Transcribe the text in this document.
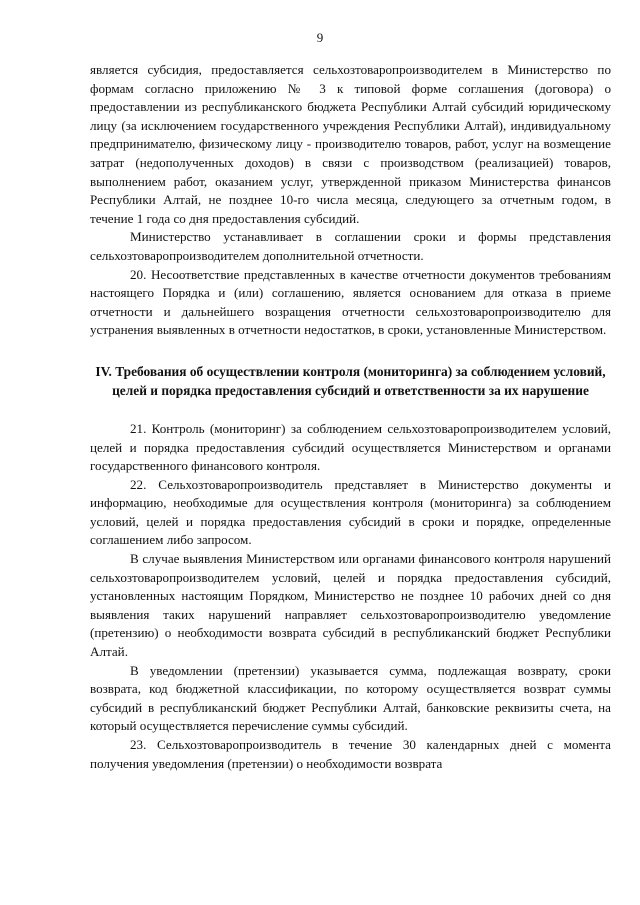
9

является субсидия, предоставляется сельхозтоваропроизводителем в Министерство по формам согласно приложению № 3 к типовой форме соглашения (договора) о предоставлении из республиканского бюджета Республики Алтай субсидий юридическому лицу (за исключением государственного учреждения Республики Алтай), индивидуальному предпринимателю, физическому лицу - производителю товаров, работ, услуг на возмещение затрат (недополученных доходов) в связи с производством (реализацией) товаров, выполнением работ, оказанием услуг, утвержденной приказом Министерства финансов Республики Алтай, не позднее 10-го числа месяца, следующего за отчетным годом, в течение 1 года со дня предоставления субсидий.

Министерство устанавливает в соглашении сроки и формы представления сельхозтоваропроизводителем дополнительной отчетности.

20. Несоответствие представленных в качестве отчетности документов требованиям настоящего Порядка и (или) соглашению, является основанием для отказа в приеме отчетности и дальнейшего возращения отчетности сельхозтоваропроизводителю для устранения выявленных в отчетности недостатков, в сроки, установленные Министерством.

IV. Требования об осуществлении контроля (мониторинга) за соблюдением условий, целей и порядка предоставления субсидий и ответственности за их нарушение

21. Контроль (мониторинг) за соблюдением сельхозтоваропроизводителем условий, целей и порядка предоставления субсидий осуществляется Министерством и органами государственного финансового контроля.

22. Сельхозтоваропроизводитель представляет в Министерство документы и информацию, необходимые для осуществления контроля (мониторинга) за соблюдением условий, целей и порядка предоставления субсидий в сроки и порядке, определенные соглашением либо запросом.

В случае выявления Министерством или органами финансового контроля нарушений сельхозтоваропроизводителем условий, целей и порядка предоставления субсидий, установленных настоящим Порядком, Министерство не позднее 10 рабочих дней со дня выявления таких нарушений направляет сельхозтоваропроизводителю уведомление (претензию) о необходимости возврата субсидий в республиканский бюджет Республики Алтай.

В уведомлении (претензии) указывается сумма, подлежащая возврату, сроки возврата, код бюджетной классификации, по которому осуществляется возврат суммы субсидий в республиканский бюджет Республики Алтай, банковские реквизиты счета, на который осуществляется перечисление суммы субсидий.

23. Сельхозтоваропроизводитель в течение 30 календарных дней с момента получения уведомления (претензии) о необходимости возврата
